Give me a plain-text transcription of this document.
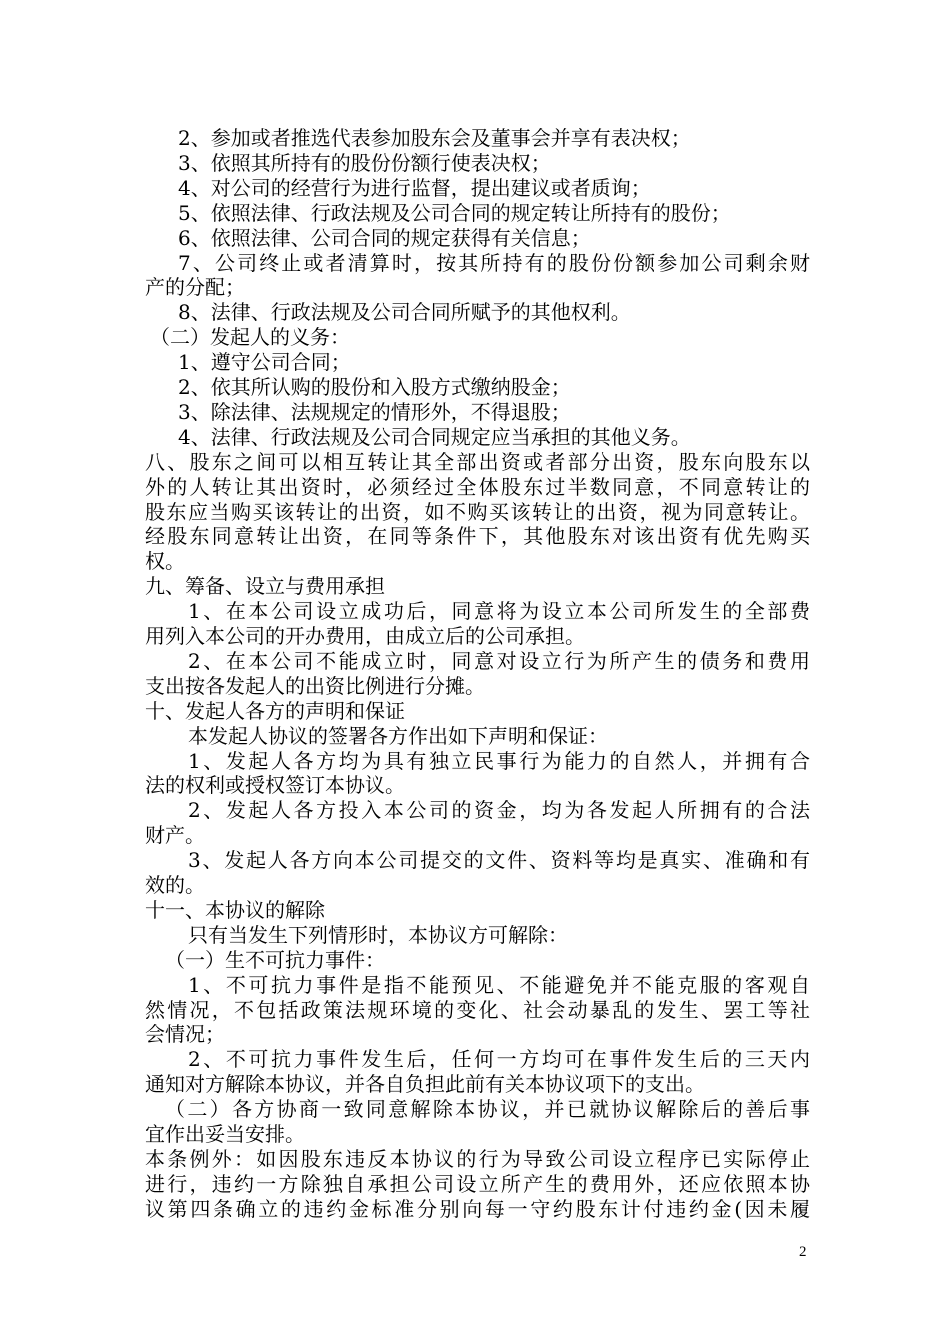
2、参加或者推选代表参加股东会及董事会并享有表决权；
3、依照其所持有的股份份额行使表决权；
4、对公司的经营行为进行监督，提出建议或者质询；
5、依照法律、行政法规及公司合同的规定转让所持有的股份；
6、依照法律、公司合同的规定获得有关信息；
7、公司终止或者清算时，按其所持有的股份份额参加公司剩余财
产的分配；
8、法律、行政法规及公司合同所赋予的其他权利。
（二）发起人的义务：
1、遵守公司合同；
2、依其所认购的股份和入股方式缴纳股金；
3、除法律、法规规定的情形外，不得退股；
4、法律、行政法规及公司合同规定应当承担的其他义务。
八、股东之间可以相互转让其全部出资或者部分出资，股东向股东以
外的人转让其出资时，必须经过全体股东过半数同意，不同意转让的
股东应当购买该转让的出资，如不购买该转让的出资，视为同意转让。
经股东同意转让出资，在同等条件下，其他股东对该出资有优先购买
权。
九、筹备、设立与费用承担
1、在本公司设立成功后，同意将为设立本公司所发生的全部费
用列入本公司的开办费用，由成立后的公司承担。
2、在本公司不能成立时，同意对设立行为所产生的债务和费用
支出按各发起人的出资比例进行分摊。
十、发起人各方的声明和保证
本发起人协议的签署各方作出如下声明和保证：
1、发起人各方均为具有独立民事行为能力的自然人，并拥有合
法的权利或授权签订本协议。
2、发起人各方投入本公司的资金，均为各发起人所拥有的合法
财产。
3、发起人各方向本公司提交的文件、资料等均是真实、准确和有
效的。
十一、本协议的解除
只有当发生下列情形时，本协议方可解除：
（一）生不可抗力事件：
1、不可抗力事件是指不能预见、不能避免并不能克服的客观自
然情况，不包括政策法规环境的变化、社会动暴乱的发生、罢工等社
会情况；
2、不可抗力事件发生后，任何一方均可在事件发生后的三天内
通知对方解除本协议，并各自负担此前有关本协议项下的支出。
（二）各方协商一致同意解除本协议，并已就协议解除后的善后事
宜作出妥当安排。
本条例外：如因股东违反本协议的行为导致公司设立程序已实际停止
进行，违约一方除独自承担公司设立所产生的费用外，还应依照本协
议第四条确立的违约金标准分别向每一守约股东计付违约金(因未履
2
